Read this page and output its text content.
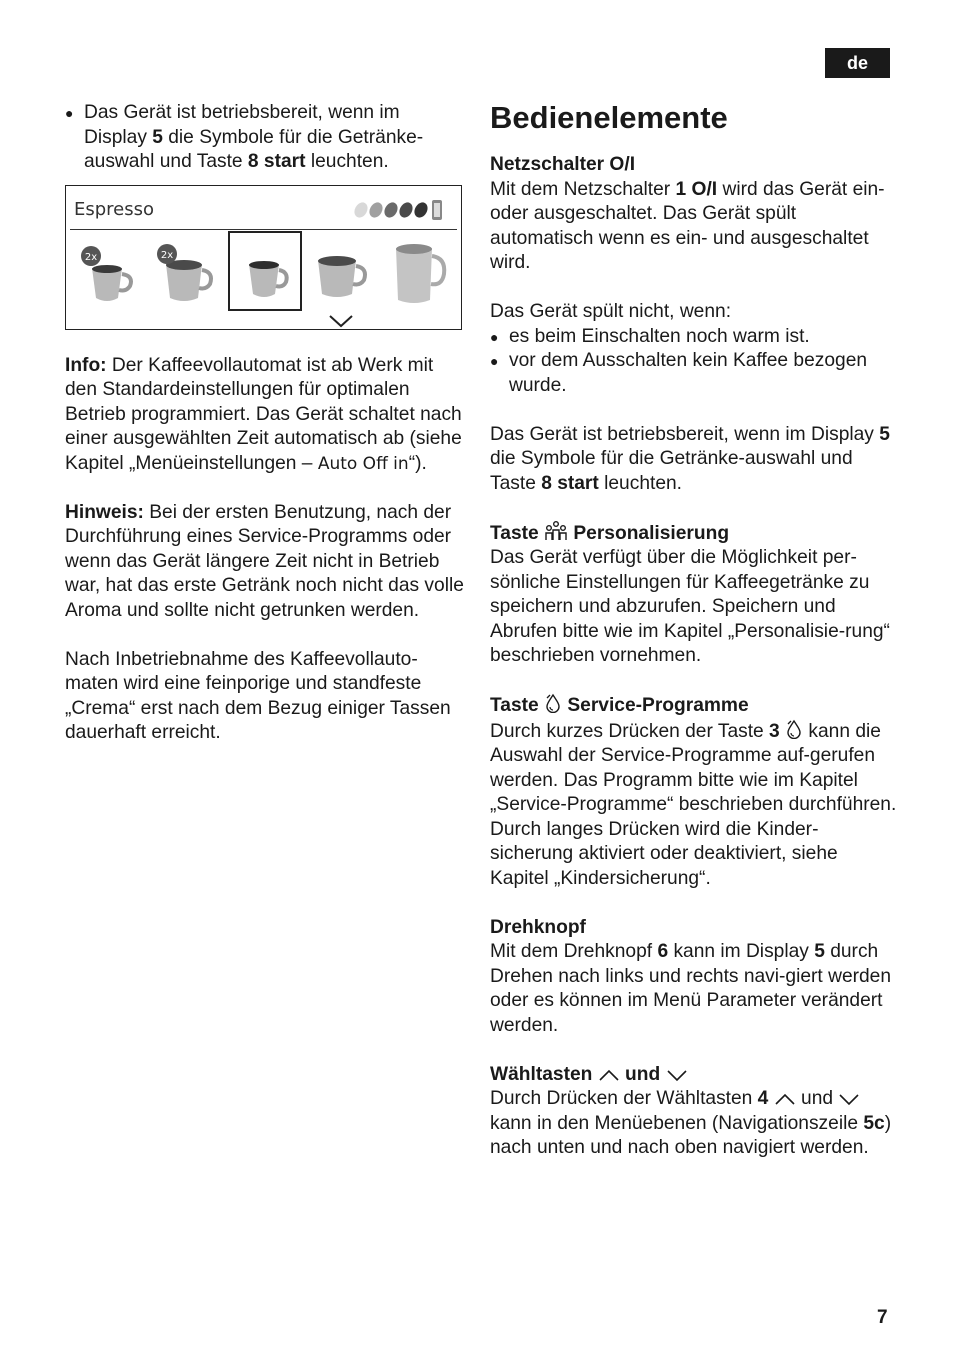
de

● Das Gerät ist betriebsbereit, wenn im Display 5 die Symbole für die Getränke-auswahl und Taste 8 start leuchten.

Espresso
2x	2x

Info: Der Kaffeevollautomat ist ab Werk mit den Standardeinstellungen für optimalen Betrieb programmiert. Das Gerät schaltet nach einer ausgewählten Zeit automatisch ab (siehe Kapitel „Menüeinstellungen – Auto Off in“).

Hinweis: Bei der ersten Benutzung, nach der Durchführung eines Service-Programms oder wenn das Gerät längere Zeit nicht in Betrieb war, hat das erste Getränk noch nicht das volle Aroma und sollte nicht getrunken werden.

Nach Inbetriebnahme des Kaffeevollauto-maten wird eine feinporige und standfeste „Crema“ erst nach dem Bezug einiger Tassen dauerhaft erreicht.

Bedienelemente

Netzschalter O/I

Mit dem Netzschalter 1 O/I wird das Gerät ein- oder ausgeschaltet. Das Gerät spült automatisch wenn es ein- und ausgeschaltet wird.

Das Gerät spült nicht, wenn:

● es beim Einschalten noch warm ist.

● vor dem Ausschalten kein Kaffee bezogen wurde.

Das Gerät ist betriebsbereit, wenn im Display 5 die Symbole für die Getränke-auswahl und Taste 8 start leuchten.

Taste  Personalisierung

Das Gerät verfügt über die Möglichkeit per-sönliche Einstellungen für Kaffeegetränke zu speichern und abzurufen. Speichern und Abrufen bitte wie im Kapitel „Personalisie-rung“ beschrieben vornehmen.

Taste  Service-Programme

Durch kurzes Drücken der Taste 3  kann die Auswahl der Service-Programme auf-gerufen werden. Das Programm bitte wie im Kapitel „Service-Programme“ beschrieben durchführen.

Durch langes Drücken wird die Kinder-sicherung aktiviert oder deaktiviert, siehe Kapitel „Kindersicherung“.

Drehknopf

Mit dem Drehknopf 6 kann im Display 5 durch Drehen nach links und rechts navi-giert werden oder es können im Menü Parameter verändert werden.

Wähltasten  und

Durch Drücken der Wähltasten 4  und  kann in den Menüebenen (Navigationszeile 5c) nach unten und nach oben navigiert werden.

7
